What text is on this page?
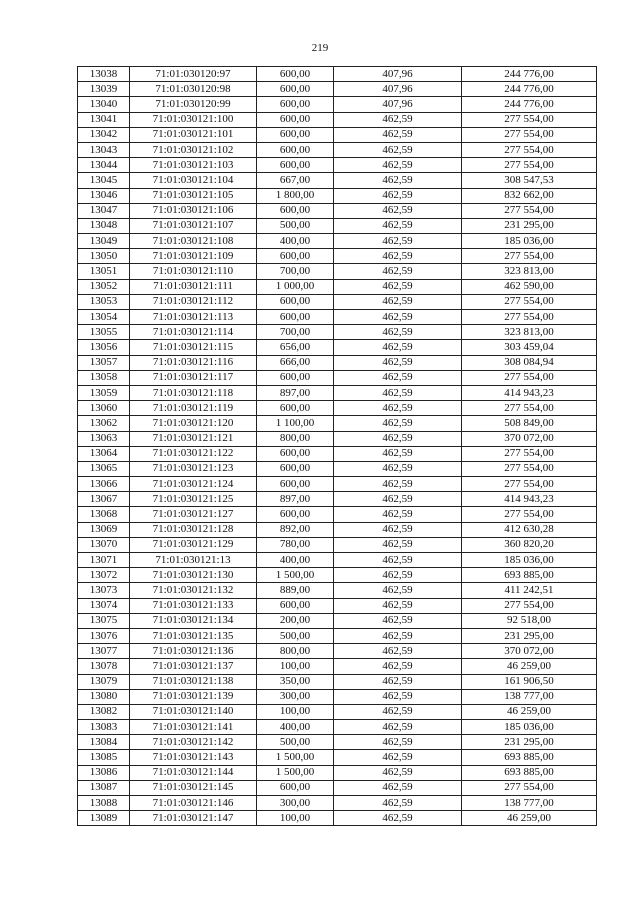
219
13038	71:01:030120:97	600,00	407,96	244 776,00
13039	71:01:030120:98	600,00	407,96	244 776,00
13040	71:01:030120:99	600,00	407,96	244 776,00
13041	71:01:030121:100	600,00	462,59	277 554,00
13042	71:01:030121:101	600,00	462,59	277 554,00
13043	71:01:030121:102	600,00	462,59	277 554,00
13044	71:01:030121:103	600,00	462,59	277 554,00
13045	71:01:030121:104	667,00	462,59	308 547,53
13046	71:01:030121:105	1 800,00	462,59	832 662,00
13047	71:01:030121:106	600,00	462,59	277 554,00
13048	71:01:030121:107	500,00	462,59	231 295,00
13049	71:01:030121:108	400,00	462,59	185 036,00
13050	71:01:030121:109	600,00	462,59	277 554,00
13051	71:01:030121:110	700,00	462,59	323 813,00
13052	71:01:030121:111	1 000,00	462,59	462 590,00
13053	71:01:030121:112	600,00	462,59	277 554,00
13054	71:01:030121:113	600,00	462,59	277 554,00
13055	71:01:030121:114	700,00	462,59	323 813,00
13056	71:01:030121:115	656,00	462,59	303 459,04
13057	71:01:030121:116	666,00	462,59	308 084,94
13058	71:01:030121:117	600,00	462,59	277 554,00
13059	71:01:030121:118	897,00	462,59	414 943,23
13060	71:01:030121:119	600,00	462,59	277 554,00
13062	71:01:030121:120	1 100,00	462,59	508 849,00
13063	71:01:030121:121	800,00	462,59	370 072,00
13064	71:01:030121:122	600,00	462,59	277 554,00
13065	71:01:030121:123	600,00	462,59	277 554,00
13066	71:01:030121:124	600,00	462,59	277 554,00
13067	71:01:030121:125	897,00	462,59	414 943,23
13068	71:01:030121:127	600,00	462,59	277 554,00
13069	71:01:030121:128	892,00	462,59	412 630,28
13070	71:01:030121:129	780,00	462,59	360 820,20
13071	71:01:030121:13	400,00	462,59	185 036,00
13072	71:01:030121:130	1 500,00	462,59	693 885,00
13073	71:01:030121:132	889,00	462,59	411 242,51
13074	71:01:030121:133	600,00	462,59	277 554,00
13075	71:01:030121:134	200,00	462,59	92 518,00
13076	71:01:030121:135	500,00	462,59	231 295,00
13077	71:01:030121:136	800,00	462,59	370 072,00
13078	71:01:030121:137	100,00	462,59	46 259,00
13079	71:01:030121:138	350,00	462,59	161 906,50
13080	71:01:030121:139	300,00	462,59	138 777,00
13082	71:01:030121:140	100,00	462,59	46 259,00
13083	71:01:030121:141	400,00	462,59	185 036,00
13084	71:01:030121:142	500,00	462,59	231 295,00
13085	71:01:030121:143	1 500,00	462,59	693 885,00
13086	71:01:030121:144	1 500,00	462,59	693 885,00
13087	71:01:030121:145	600,00	462,59	277 554,00
13088	71:01:030121:146	300,00	462,59	138 777,00
13089	71:01:030121:147	100,00	462,59	46 259,00
